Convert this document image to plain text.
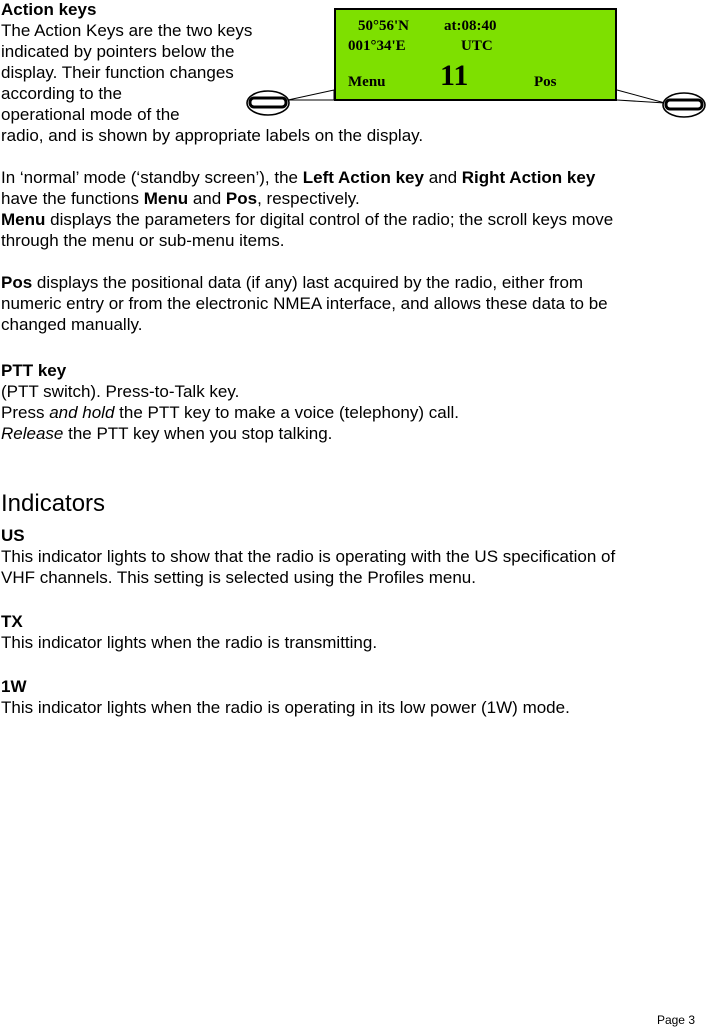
Action keys
The Action Keys are the two keys
indicated by pointers below the
display. Their function changes
according to the
operational mode of the
radio, and is shown by appropriate labels on the display.
50°56'N at:08:40
001°34'E	UTC
Menu 11	Pos
In ‘normal’ mode (‘standby screen’), the Left Action key and Right Action key
have the functions Menu and Pos, respectively.
Menu displays the parameters for digital control of the radio; the scroll keys move
through the menu or sub-menu items.
Pos displays the positional data (if any) last acquired by the radio, either from
numeric entry or from the electronic NMEA interface, and allows these data to be
changed manually.
PTT key
(PTT switch). Press-to-Talk key.
Press and hold the PTT key to make a voice (telephony) call.
Release the PTT key when you stop talking.
Indicators
US
This indicator lights to show that the radio is operating with the US specification of
VHF channels. This setting is selected using the Profiles menu.
TX
This indicator lights when the radio is transmitting.
1W
This indicator lights when the radio is operating in its low power (1W) mode.
Page 3
